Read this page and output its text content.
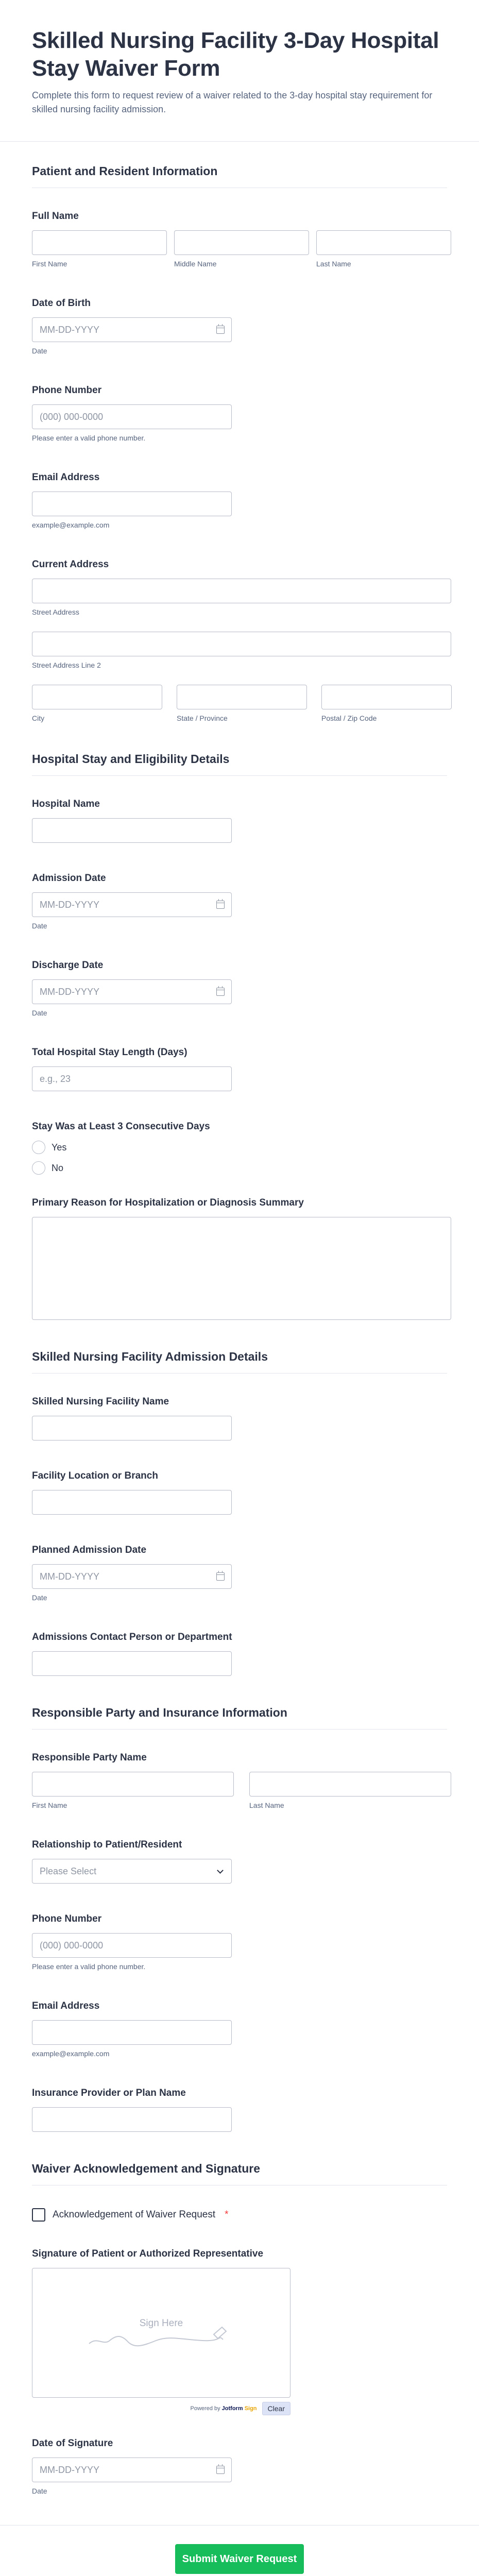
Skilled Nursing Facility 3-Day Hospital Stay Waiver Form

Complete this form to request review of a waiver related to the 3-day hospital stay requirement for skilled nursing facility admission.

Patient and Resident Information
Full Name
First Name	Middle Name	Last Name
Date of Birth
MM-DD-YYYY
Date
Phone Number
(000) 000-0000
Please enter a valid phone number.
Email Address
example@example.com
Current Address
Street Address
Street Address Line 2
City	State / Province	Postal / Zip Code
Hospital Stay and Eligibility Details
Hospital Name
Admission Date
MM-DD-YYYY
Date
Discharge Date
MM-DD-YYYY
Date
Total Hospital Stay Length (Days)
e.g., 23
Stay Was at Least 3 Consecutive Days
Yes
No
Primary Reason for Hospitalization or Diagnosis Summary
Skilled Nursing Facility Admission Details
Skilled Nursing Facility Name
Facility Location or Branch
Planned Admission Date
MM-DD-YYYY
Date
Admissions Contact Person or Department
Responsible Party and Insurance Information
Responsible Party Name
First Name	Last Name
Relationship to Patient/Resident
Please Select
Phone Number
(000) 000-0000
Please enter a valid phone number.
Email Address
example@example.com
Insurance Provider or Plan Name
Waiver Acknowledgement and Signature
Acknowledgement of Waiver Request *
Signature of Patient or Authorized Representative
Sign Here
Powered by Jotform Sign	Clear
Date of Signature
MM-DD-YYYY
Date
Submit Waiver Request
